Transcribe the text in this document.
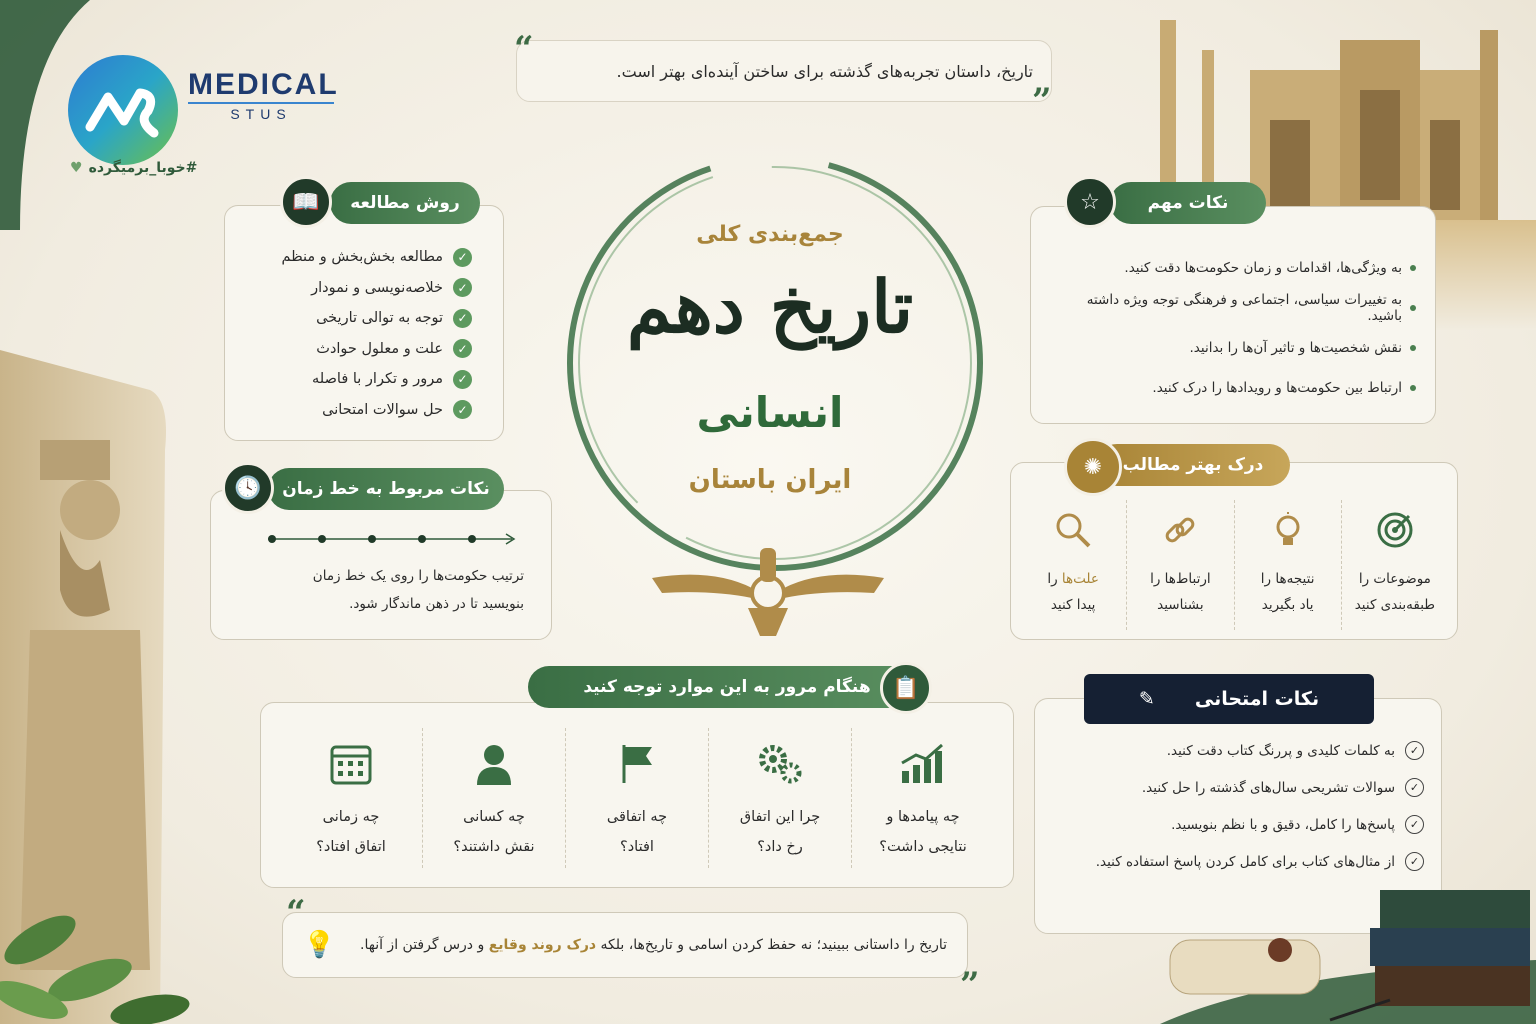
MEDICAL
STUS
#خوبا_برمیگرده
♥
تاریخ، داستان تجربه‌های گذشته برای ساختن آینده‌ای بهتر است.
“
”
جمع‌بندی کلی
تاریخ دهم
انسانی
ایران باستان
روش مطالعه
📖
✓
مطالعه بخش‌بخش و منظم
✓
خلاصه‌نویسی و نمودار
✓
توجه به توالی تاریخی
✓
علت و معلول حوادث
✓
مرور و تکرار با فاصله
✓
حل سوالات امتحانی
نکات مربوط به خط زمان
🕓
ترتیب حکومت‌ها را روی یک خط زمان
بنویسید تا در ذهن ماندگار شود.
نکات مهم
☆
به ویژگی‌ها، اقدامات و زمان حکومت‌ها دقت کنید.
به تغییرات سیاسی، اجتماعی و فرهنگی توجه ویژه داشته باشید.
نقش شخصیت‌ها و تاثیر آن‌ها را بدانید.
ارتباط بین حکومت‌ها و رویدادها را درک کنید.
درک بهتر مطالب
✺
موضوعات را
طبقه‌بندی کنید
نتیجه‌ها را
یاد بگیرید
ارتباط‌ها را
بشناسید
علت‌ها را
پیدا کنید
هنگام مرور به این موارد توجه کنید 📋
چه پیامدها و
نتایجی داشت؟
چرا این اتفاق
رخ داد؟
چه اتفاقی
افتاد؟
چه کسانی
نقش داشتند؟
چه زمانی
اتفاق افتاد؟
نکات امتحانی
✎
✓
به کلمات کلیدی و پررنگ کتاب دقت کنید.
✓
سوالات تشریحی سال‌های گذشته را حل کنید.
✓
پاسخ‌ها را کامل، دقیق و با نظم بنویسید.
✓
از مثال‌های کتاب برای کامل کردن پاسخ استفاده کنید.
تاریخ را داستانی ببینید؛ نه حفظ کردن اسامی و تاریخ‌ها، بلکه درک روند وقایع و درس گرفتن از آنها.
💡
“
”
